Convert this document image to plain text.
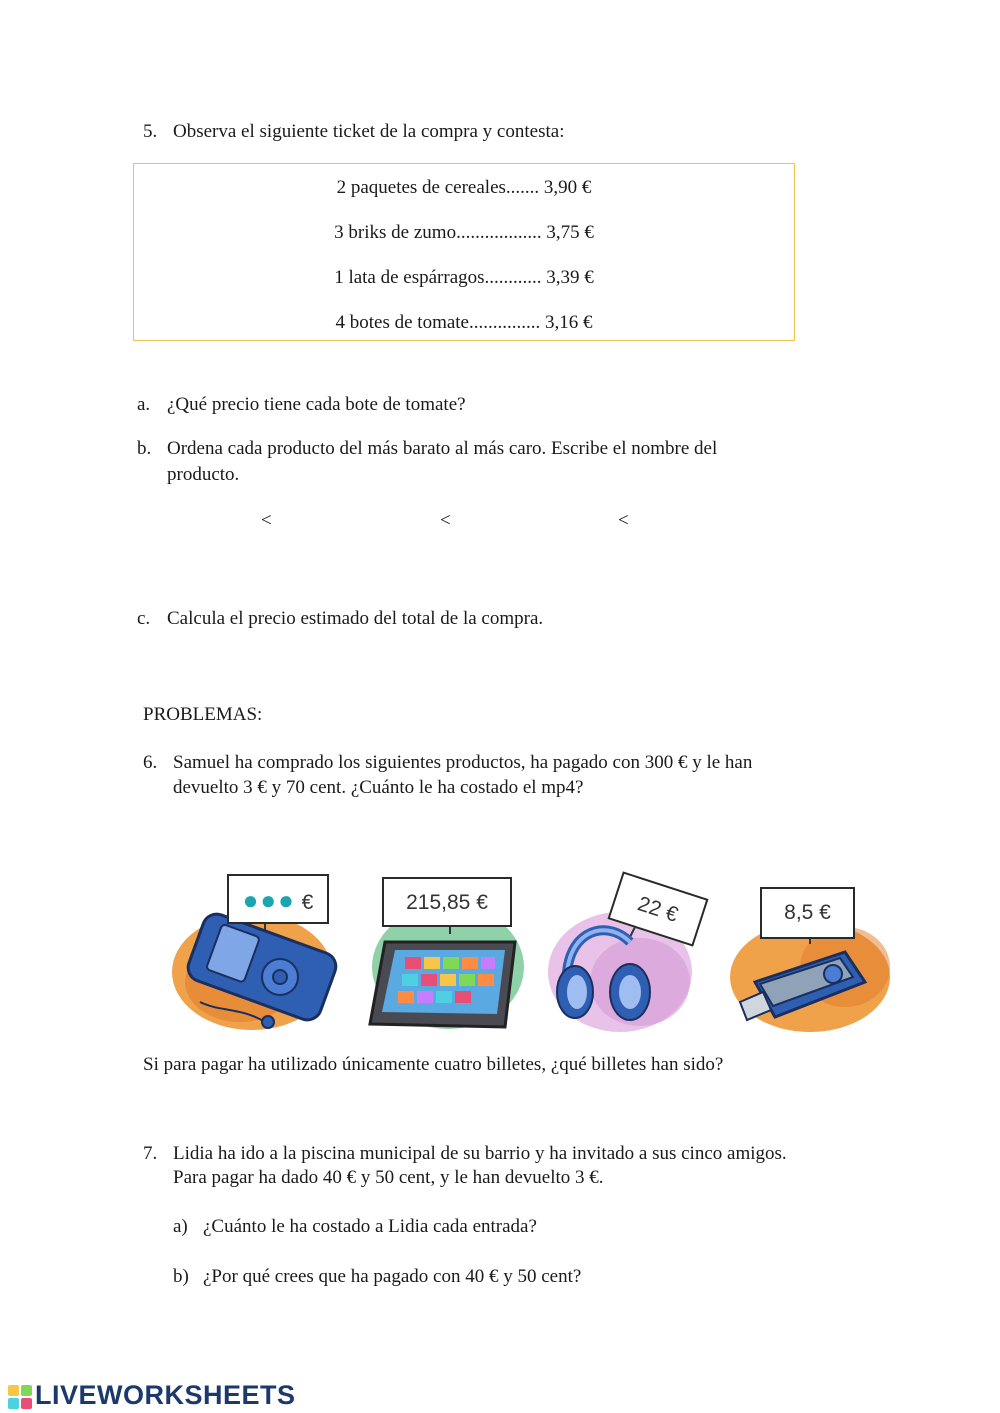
5. Observa el siguiente ticket de la compra y contesta:
2 paquetes de cereales....... 3,90 €
3 briks de zumo.................. 3,75 €
1 lata de espárragos............ 3,39 €
4 botes de tomate............... 3,16 €
a. ¿Qué precio tiene cada bote de tomate?
b. Ordena cada producto del más barato al más caro. Escribe el nombre del
producto.
<	<	<
c. Calcula el precio estimado del total de la compra.
PROBLEMAS:
6. Samuel ha comprado los siguientes productos, ha pagado con 300 € y le han
devuelto 3 € y 70 cent. ¿Cuánto le ha costado el mp4?
●●● €	215,85 €	22 €	8,5 €
Si para pagar ha utilizado únicamente cuatro billetes, ¿qué billetes han sido?
7. Lidia ha ido a la piscina municipal de su barrio y ha invitado a sus cinco amigos.
Para pagar ha dado 40 € y 50 cent, y le han devuelto 3 €.
a) ¿Cuánto le ha costado a Lidia cada entrada?
b) ¿Por qué crees que ha pagado con 40 € y 50 cent?
LIVEWORKSHEETS
